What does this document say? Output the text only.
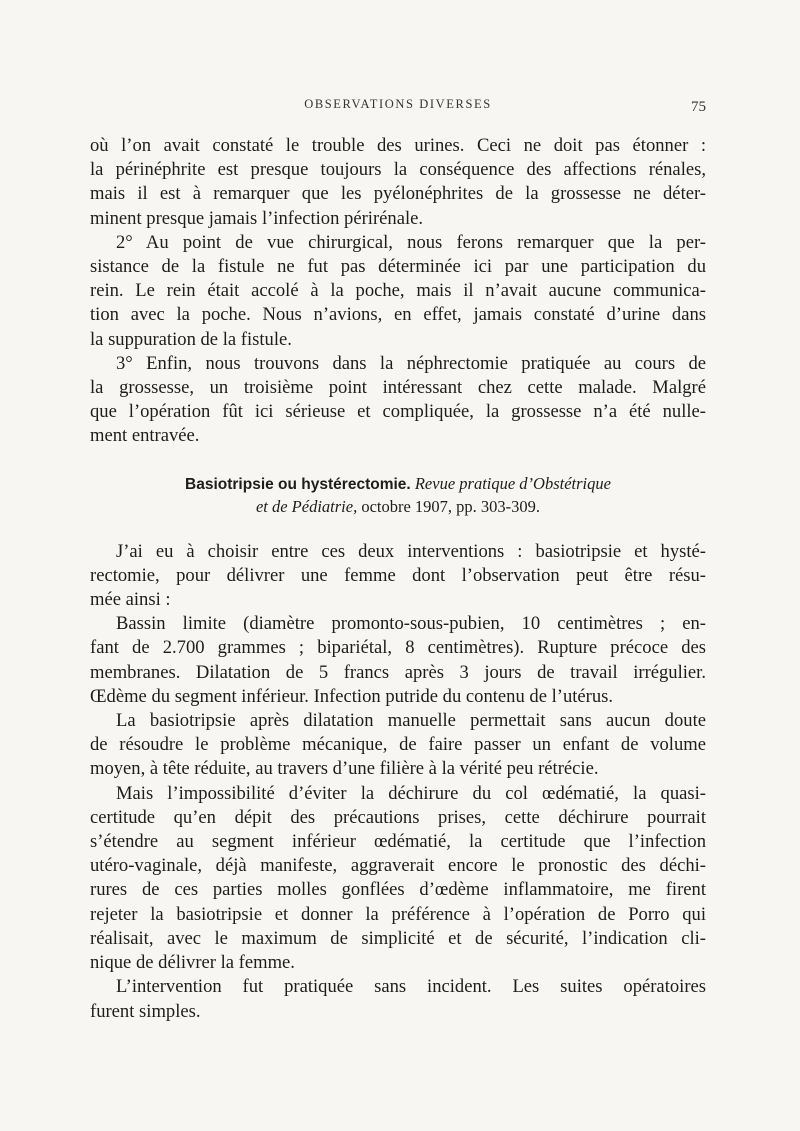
OBSERVATIONS DIVERSES	75

où l’on avait constaté le trouble des urines. Ceci ne doit pas étonner :
la périnéphrite est presque toujours la conséquence des affections rénales,
mais il est à remarquer que les pyélonéphrites de la grossesse ne déter-
minent presque jamais l’infection périrénale.

2° Au point de vue chirurgical, nous ferons remarquer que la per-
sistance de la fistule ne fut pas déterminée ici par une participation du
rein. Le rein était accolé à la poche, mais il n’avait aucune communica-
tion avec la poche. Nous n’avions, en effet, jamais constaté d’urine dans
la suppuration de la fistule.

3° Enfin, nous trouvons dans la néphrectomie pratiquée au cours de
la grossesse, un troisième point intéressant chez cette malade. Malgré
que l’opération fût ici sérieuse et compliquée, la grossesse n’a été nulle-
ment entravée.

Basiotripsie ou hystérectomie. Revue pratique d’Obstétrique
et de Pédiatrie, octobre 1907, pp. 303-309.

J’ai eu à choisir entre ces deux interventions : basiotripsie et hysté-
rectomie, pour délivrer une femme dont l’observation peut être résu-
mée ainsi :

Bassin limite (diamètre promonto-sous-pubien, 10 centimètres ; en-
fant de 2.700 grammes ; bipariétal, 8 centimètres). Rupture précoce des
membranes. Dilatation de 5 francs après 3 jours de travail irrégulier.
Œdème du segment inférieur. Infection putride du contenu de l’utérus.

La basiotripsie après dilatation manuelle permettait sans aucun doute
de résoudre le problème mécanique, de faire passer un enfant de volume
moyen, à tête réduite, au travers d’une filière à la vérité peu rétrécie.

Mais l’impossibilité d’éviter la déchirure du col œdématié, la quasi-
certitude qu’en dépit des précautions prises, cette déchirure pourrait
s’étendre au segment inférieur œdématié, la certitude que l’infection
utéro-vaginale, déjà manifeste, aggraverait encore le pronostic des déchi-
rures de ces parties molles gonflées d’œdème inflammatoire, me firent
rejeter la basiotripsie et donner la préférence à l’opération de Porro qui
réalisait, avec le maximum de simplicité et de sécurité, l’indication cli-
nique de délivrer la femme.

L’intervention fut pratiquée sans incident. Les suites opératoires
furent simples.
